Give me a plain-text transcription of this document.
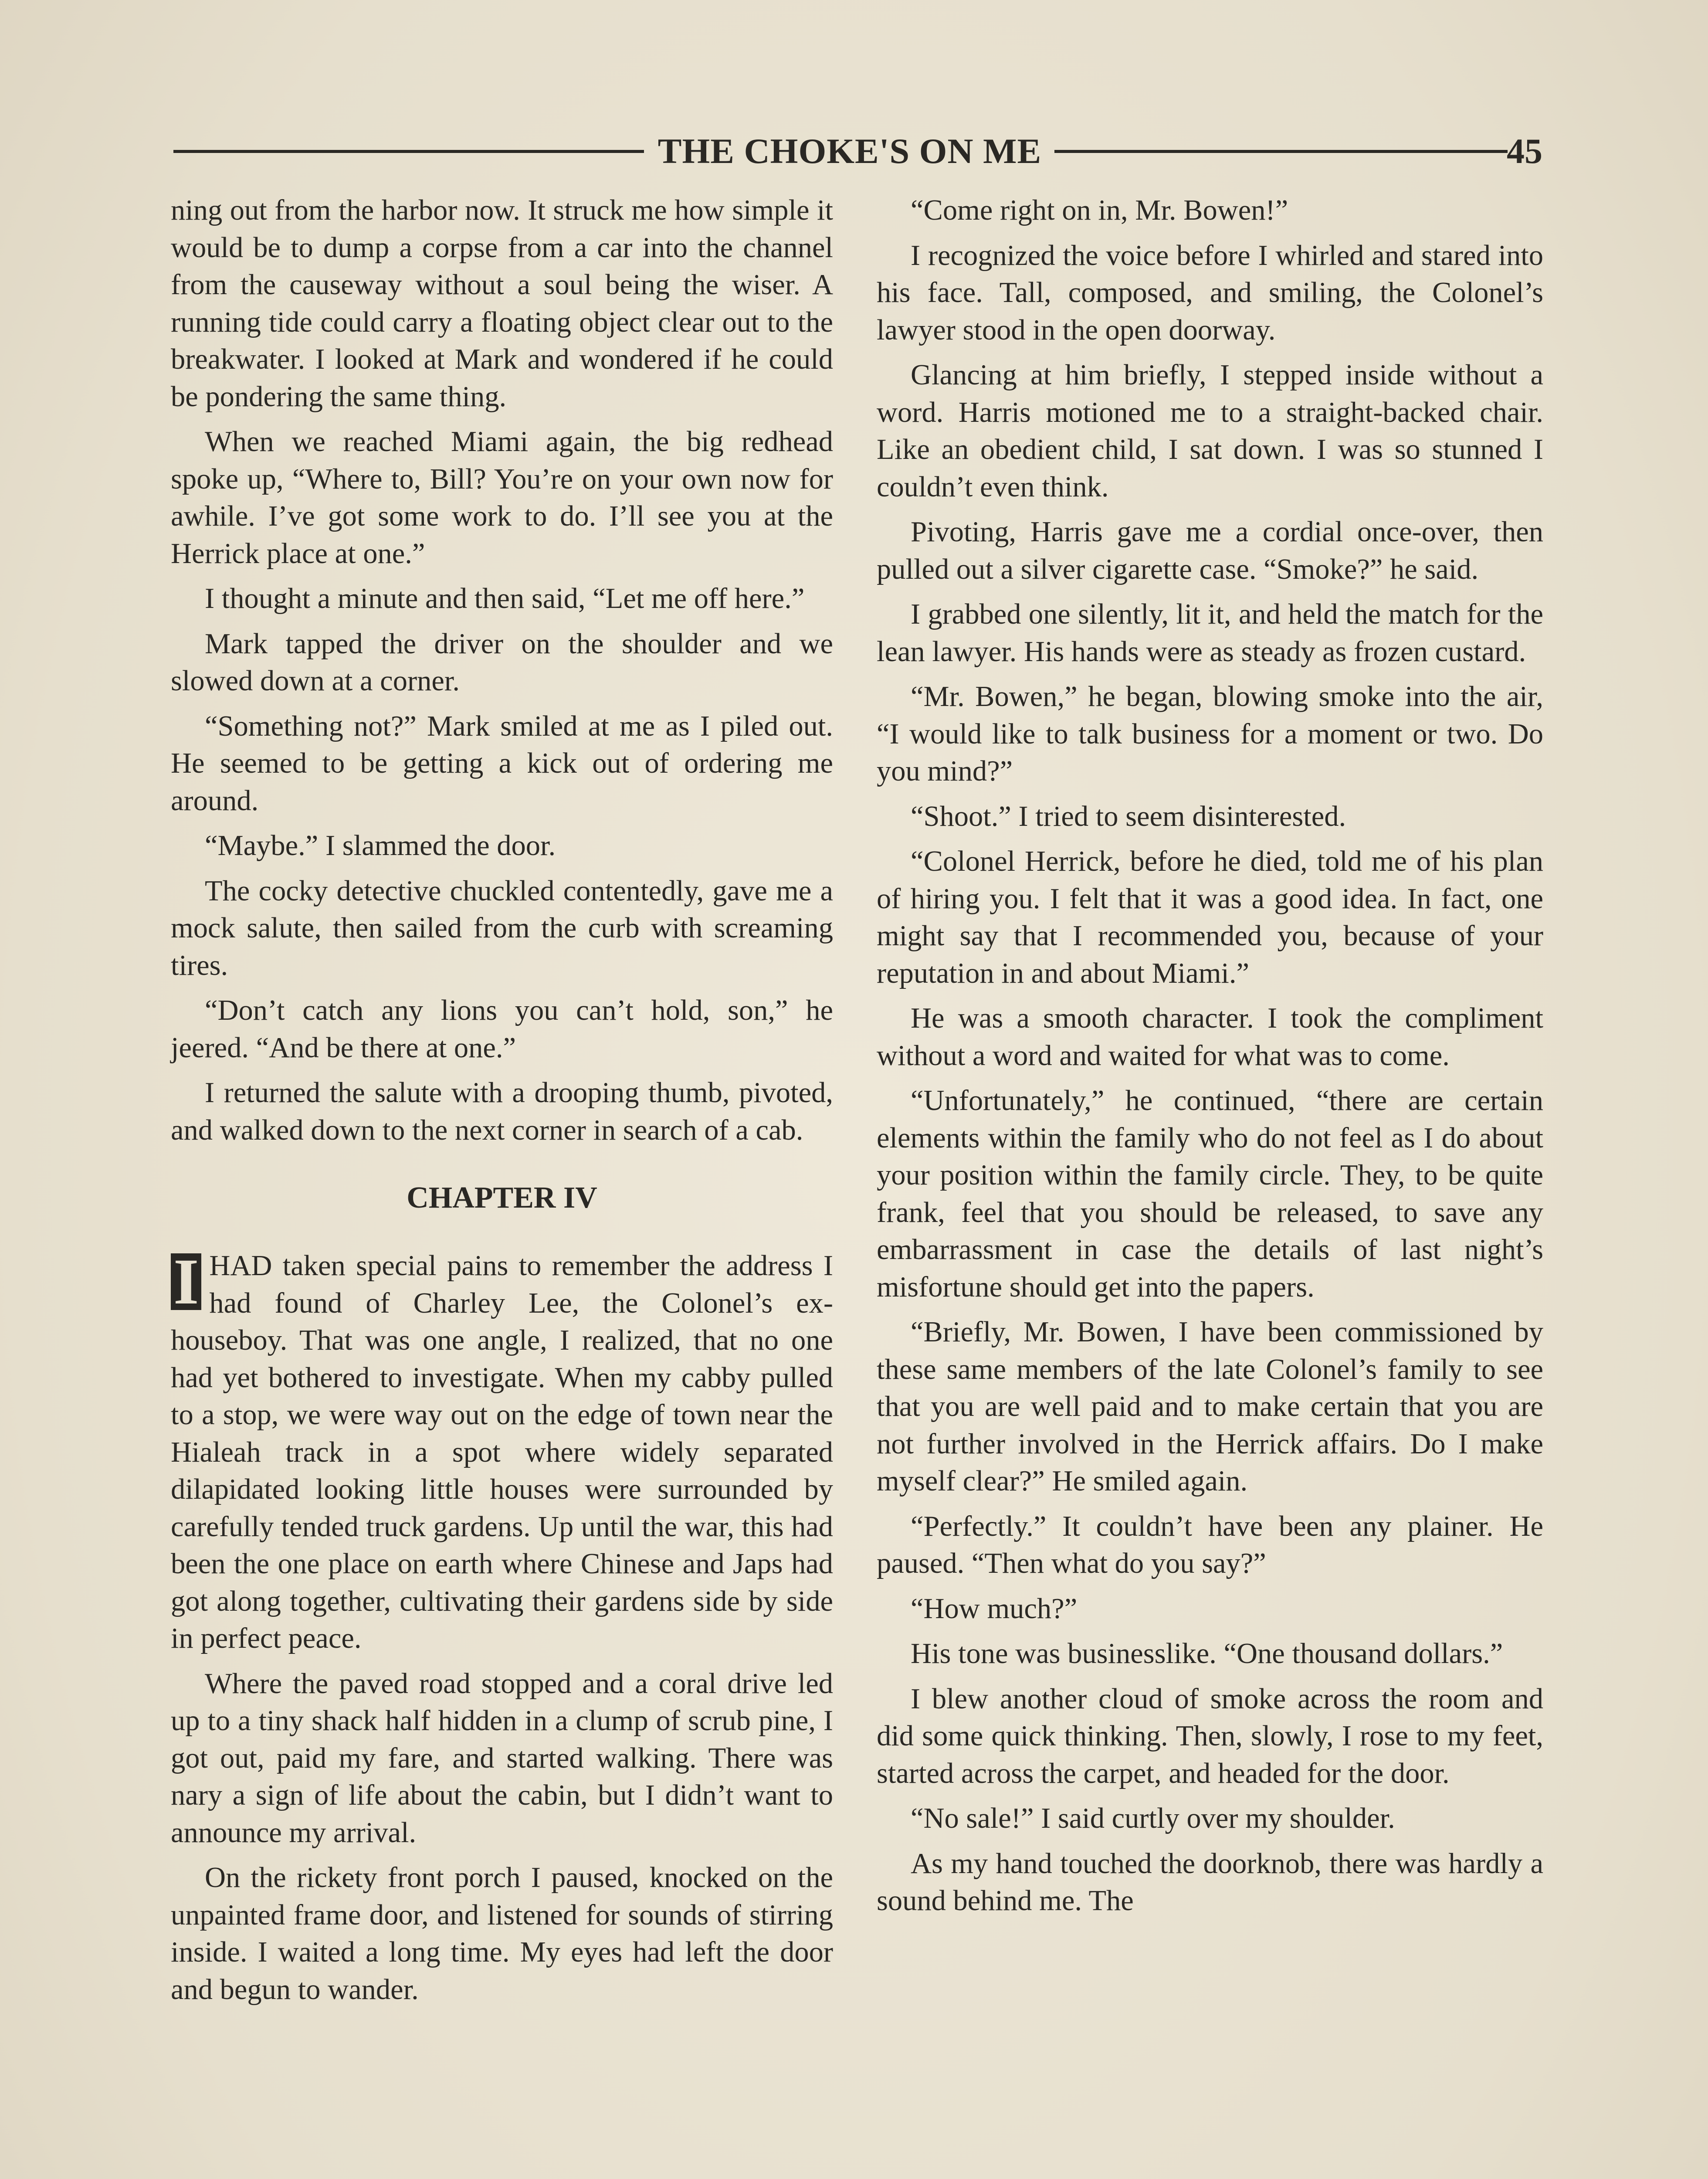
THE CHOKE'S ON ME	45

ning out from the harbor now. It struck me how simple it would be to dump a corpse from a car into the channel from the causeway without a soul being the wiser. A running tide could carry a floating object clear out to the breakwater. I looked at Mark and wondered if he could be pondering the same thing.

When we reached Miami again, the big redhead spoke up, “Where to, Bill? You’re on your own now for awhile. I’ve got some work to do. I’ll see you at the Herrick place at one.”

I thought a minute and then said, “Let me off here.”

Mark tapped the driver on the shoulder and we slowed down at a corner.

“Something not?” Mark smiled at me as I piled out. He seemed to be getting a kick out of ordering me around.

“Maybe.” I slammed the door.

The cocky detective chuckled contentedly, gave me a mock salute, then sailed from the curb with screaming tires.

“Don’t catch any lions you can’t hold, son,” he jeered. “And be there at one.”

I returned the salute with a drooping thumb, pivoted, and walked down to the next corner in search of a cab.

CHAPTER IV

I HAD taken special pains to remember the address I had found of Charley Lee, the Colonel’s ex-houseboy. That was one angle, I realized, that no one had yet bothered to investigate. When my cabby pulled to a stop, we were way out on the edge of town near the Hialeah track in a spot where widely separated dilapidated looking little houses were surrounded by carefully tended truck gardens. Up until the war, this had been the one place on earth where Chinese and Japs had got along together, cultivating their gardens side by side in perfect peace.

Where the paved road stopped and a coral drive led up to a tiny shack half hidden in a clump of scrub pine, I got out, paid my fare, and started walking. There was nary a sign of life about the cabin, but I didn’t want to announce my arrival.

On the rickety front porch I paused, knocked on the unpainted frame door, and listened for sounds of stirring inside. I waited a long time. My eyes had left the door and begun to wander.

“Come right on in, Mr. Bowen!”

I recognized the voice before I whirled and stared into his face. Tall, composed, and smiling, the Colonel’s lawyer stood in the open doorway.

Glancing at him briefly, I stepped inside without a word. Harris motioned me to a straight-backed chair. Like an obedient child, I sat down. I was so stunned I couldn’t even think.

Pivoting, Harris gave me a cordial once-over, then pulled out a silver cigarette case. “Smoke?” he said.

I grabbed one silently, lit it, and held the match for the lean lawyer. His hands were as steady as frozen custard.

“Mr. Bowen,” he began, blowing smoke into the air, “I would like to talk business for a moment or two. Do you mind?”

“Shoot.” I tried to seem disinterested.

“Colonel Herrick, before he died, told me of his plan of hiring you. I felt that it was a good idea. In fact, one might say that I recommended you, because of your reputation in and about Miami.”

He was a smooth character. I took the compliment without a word and waited for what was to come.

“Unfortunately,” he continued, “there are certain elements within the family who do not feel as I do about your position within the family circle. They, to be quite frank, feel that you should be released, to save any embarrassment in case the details of last night’s misfortune should get into the papers.

“Briefly, Mr. Bowen, I have been commissioned by these same members of the late Colonel’s family to see that you are well paid and to make certain that you are not further involved in the Herrick affairs. Do I make myself clear?” He smiled again.

“Perfectly.” It couldn’t have been any plainer. He paused. “Then what do you say?”

“How much?”

His tone was businesslike. “One thousand dollars.”

I blew another cloud of smoke across the room and did some quick thinking. Then, slowly, I rose to my feet, started across the carpet, and headed for the door.

“No sale!” I said curtly over my shoulder.

As my hand touched the doorknob, there was hardly a sound behind me. The
